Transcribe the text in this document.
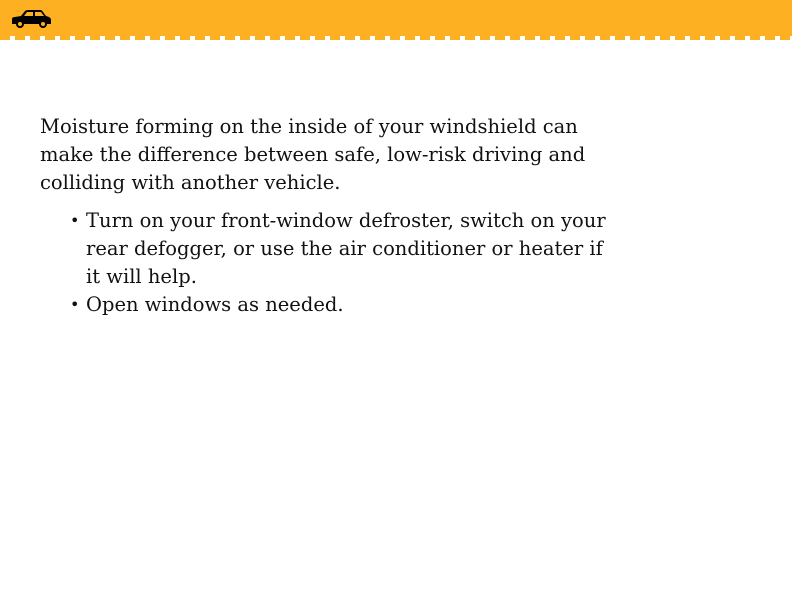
Moisture forming on the inside of your windshield can make the difference between safe, low-risk driving and colliding with another vehicle.

• Turn on your front-window defroster, switch on your rear defogger, or use the air conditioner or heater if it will help.
• Open windows as needed.
